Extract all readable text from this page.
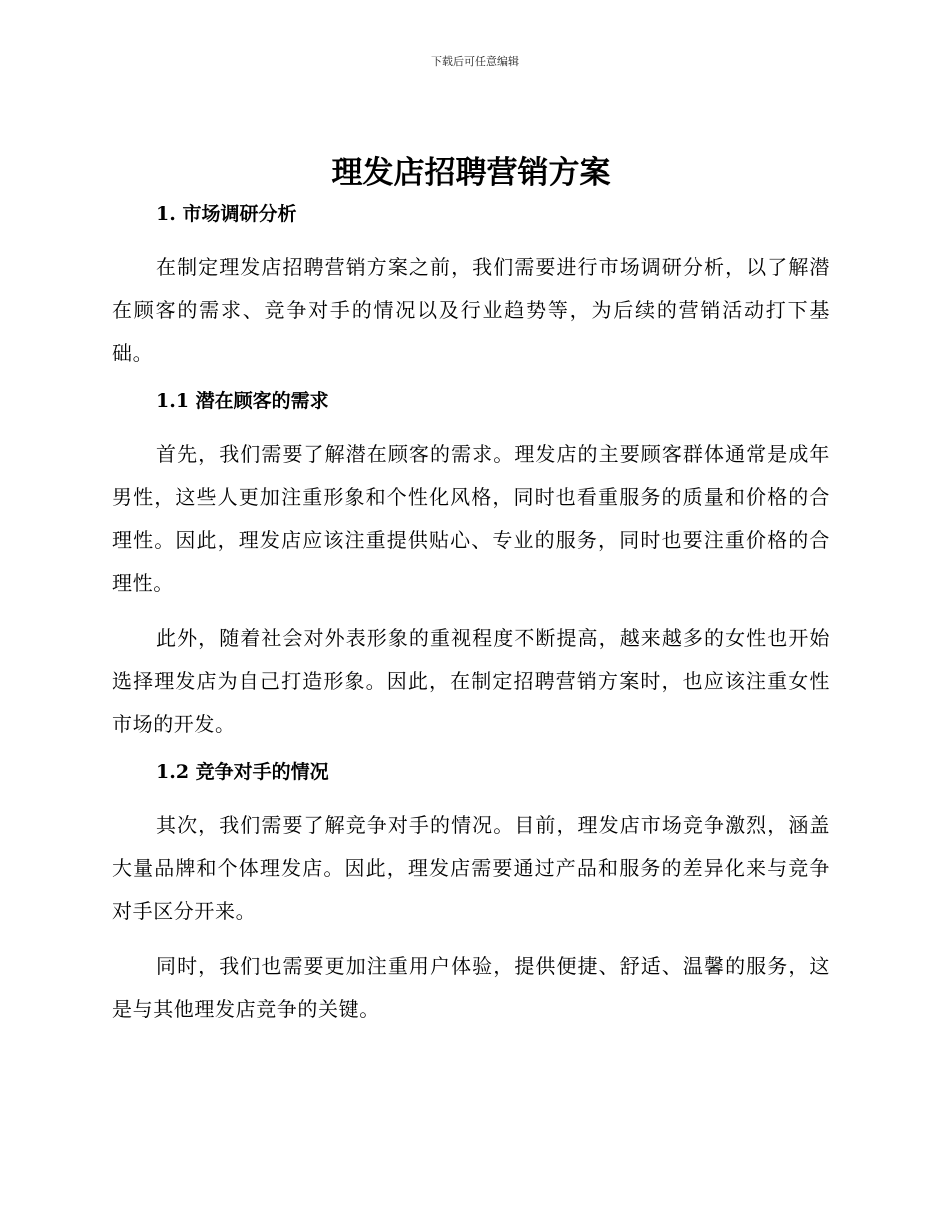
下载后可任意编辑
理发店招聘营销方案
1. 市场调研分析

在制定理发店招聘营销方案之前，我们需要进行市场调研分析，以了解潜在顾客的需求、竞争对手的情况以及行业趋势等，为后续的营销活动打下基础。

1.1 潜在顾客的需求

首先，我们需要了解潜在顾客的需求。理发店的主要顾客群体通常是成年男性，这些人更加注重形象和个性化风格，同时也看重服务的质量和价格的合理性。因此，理发店应该注重提供贴心、专业的服务，同时也要注重价格的合理性。

此外，随着社会对外表形象的重视程度不断提高，越来越多的女性也开始选择理发店为自己打造形象。因此，在制定招聘营销方案时，也应该注重女性市场的开发。

1.2 竞争对手的情况

其次，我们需要了解竞争对手的情况。目前，理发店市场竞争激烈，涵盖大量品牌和个体理发店。因此，理发店需要通过产品和服务的差异化来与竞争对手区分开来。

同时，我们也需要更加注重用户体验，提供便捷、舒适、温馨的服务，这是与其他理发店竞争的关键。
